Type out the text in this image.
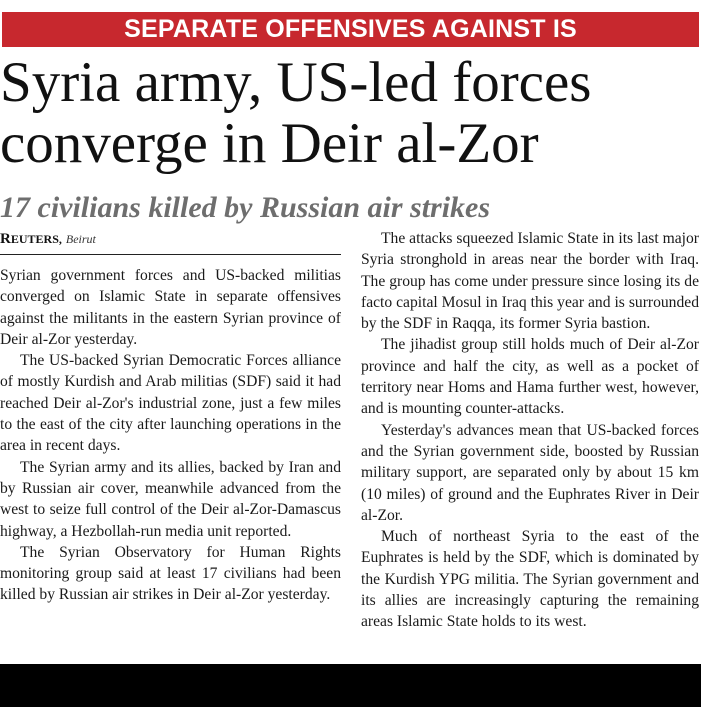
SEPARATE OFFENSIVES AGAINST IS
Syria army, US-led forces
converge in Deir al-Zor
17 civilians killed by Russian air strikes
REUTERS, Beirut

Syrian government forces and US-backed militias converged on Islamic State in separate offensives against the militants in the eastern Syrian province of Deir al-Zor yesterday.

The US-backed Syrian Democratic Forces alliance of mostly Kurdish and Arab militias (SDF) said it had reached Deir al-Zor's industrial zone, just a few miles to the east of the city after launching operations in the area in recent days.

The Syrian army and its allies, backed by Iran and by Russian air cover, meanwhile advanced from the west to seize full control of the Deir al-Zor-Damascus highway, a Hezbollah-run media unit reported.

The Syrian Observatory for Human Rights monitoring group said at least 17 civilians had been killed by Russian air strikes in Deir al-Zor yesterday.

The attacks squeezed Islamic State in its last major Syria stronghold in areas near the border with Iraq. The group has come under pressure since losing its de facto capital Mosul in Iraq this year and is surrounded by the SDF in Raqqa, its former Syria bastion.

The jihadist group still holds much of Deir al-Zor province and half the city, as well as a pocket of territory near Homs and Hama further west, however, and is mounting counter-attacks.

Yesterday's advances mean that US-backed forces and the Syrian government side, boosted by Russian military support, are separated only by about 15 km (10 miles) of ground and the Euphrates River in Deir al-Zor.

Much of northeast Syria to the east of the Euphrates is held by the SDF, which is dominated by the Kurdish YPG militia. The Syrian government and its allies are increasingly capturing the remaining areas Islamic State holds to its west.
